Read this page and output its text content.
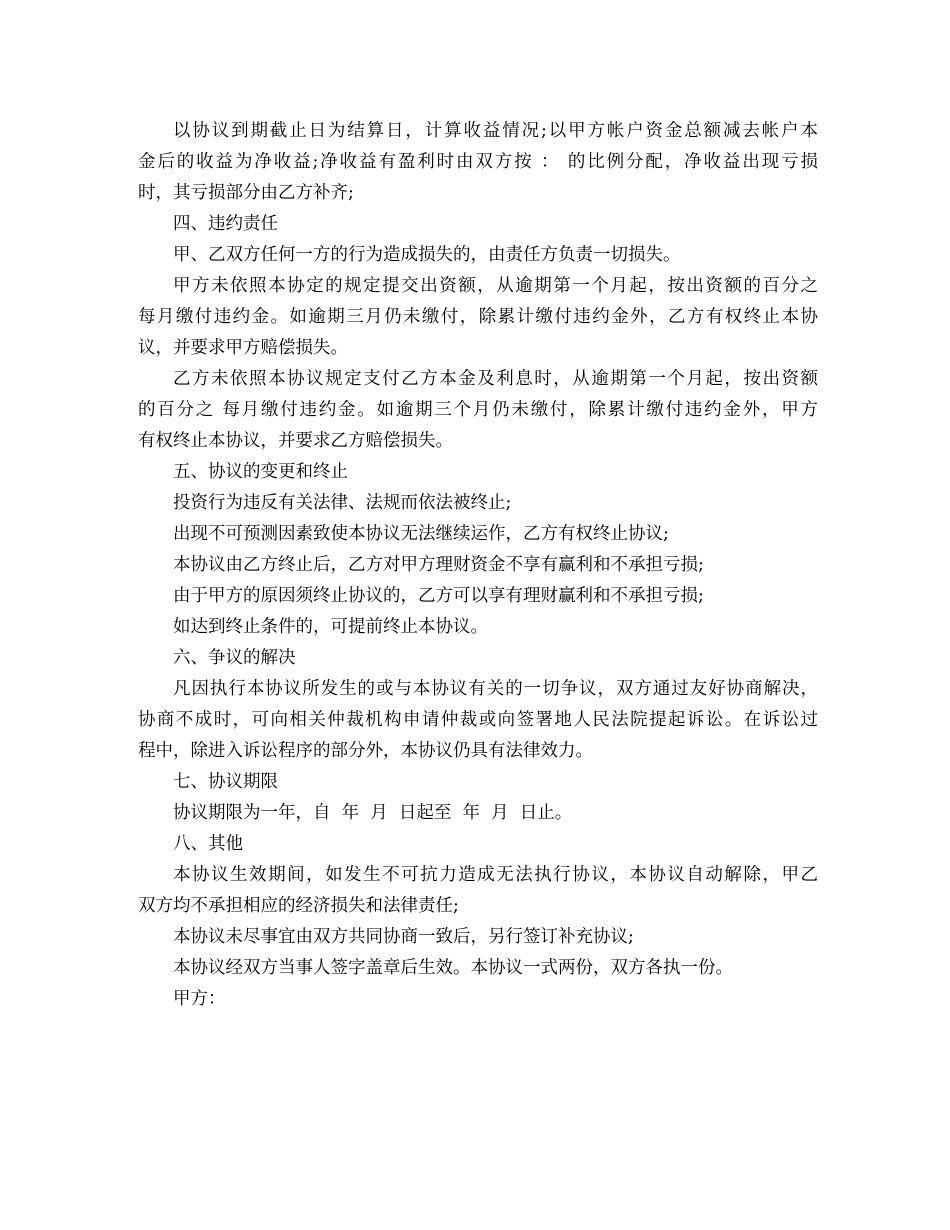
以协议到期截止日为结算日，计算收益情况;以甲方帐户资金总额减去帐户本
金后的收益为净收益;净收益有盈利时由双方按 ： 的比例分配，净收益出现亏损
时，其亏损部分由乙方补齐;
四、违约责任
甲、乙双方任何一方的行为造成损失的，由责任方负责一切损失。
甲方未依照本协定的规定提交出资额，从逾期第一个月起，按出资额的百分之
每月缴付违约金。如逾期三月仍未缴付，除累计缴付违约金外，乙方有权终止本协
议，并要求甲方赔偿损失。
乙方未依照本协议规定支付乙方本金及利息时，从逾期第一个月起，按出资额
的百分之 每月缴付违约金。如逾期三个月仍未缴付，除累计缴付违约金外，甲方
有权终止本协议，并要求乙方赔偿损失。
五、协议的变更和终止
投资行为违反有关法律、法规而依法被终止;
出现不可预测因素致使本协议无法继续运作，乙方有权终止协议;
本协议由乙方终止后，乙方对甲方理财资金不享有赢利和不承担亏损;
由于甲方的原因须终止协议的，乙方可以享有理财赢利和不承担亏损;
如达到终止条件的，可提前终止本协议。
六、争议的解决
凡因执行本协议所发生的或与本协议有关的一切争议，双方通过友好协商解决，
协商不成时，可向相关仲裁机构申请仲裁或向签署地人民法院提起诉讼。在诉讼过
程中，除进入诉讼程序的部分外，本协议仍具有法律效力。
七、协议期限
协议期限为一年，自  年  月  日起至  年  月  日止。
八、其他
本协议生效期间，如发生不可抗力造成无法执行协议，本协议自动解除，甲乙
双方均不承担相应的经济损失和法律责任;
本协议未尽事宜由双方共同协商一致后，另行签订补充协议;
本协议经双方当事人签字盖章后生效。本协议一式两份，双方各执一份。
甲方：
